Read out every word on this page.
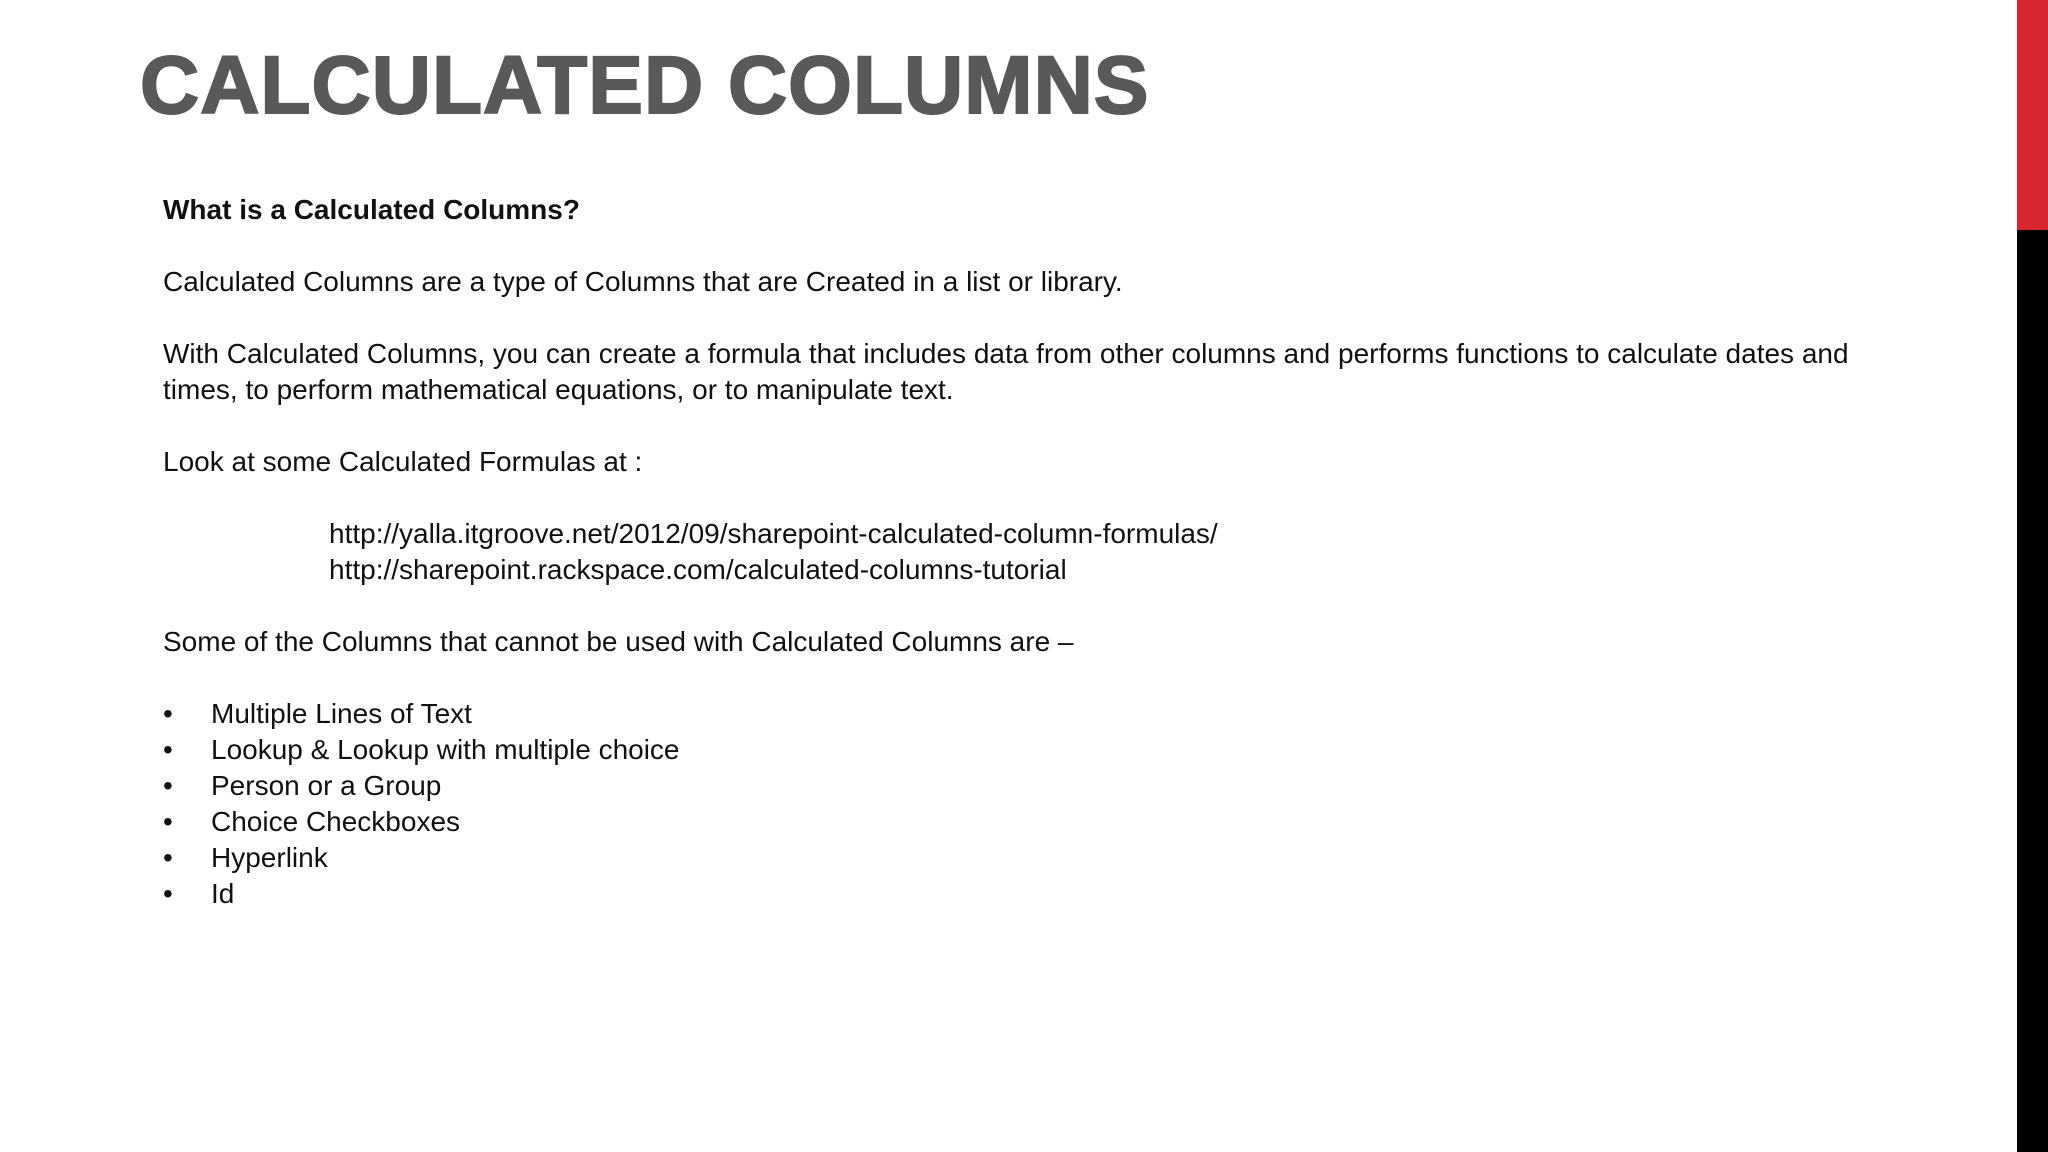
CALCULATED COLUMNS

What is a Calculated Columns?

Calculated Columns are a type of Columns that are Created in a list or library.

With Calculated Columns, you can create a formula that includes data from other columns and performs functions to calculate dates and times, to perform mathematical equations, or to manipulate text.

Look at some Calculated Formulas at :

http://yalla.itgroove.net/2012/09/sharepoint-calculated-column-formulas/
http://sharepoint.rackspace.com/calculated-columns-tutorial

Some of the Columns that cannot be used with Calculated Columns are –

•	Multiple Lines of Text
•	Lookup & Lookup with multiple choice
•	Person or a Group
•	Choice Checkboxes
•	Hyperlink
•	Id
